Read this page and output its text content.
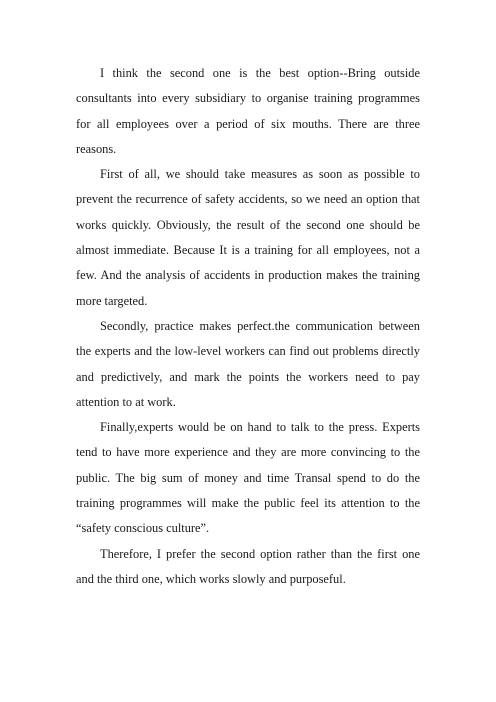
I think the second one is the best option--Bring outside consultants into every subsidiary to organise training programmes for all employees over a period of six mouths. There are three reasons.

First of all, we should take measures as soon as possible to prevent the recurrence of safety accidents, so we need an option that works quickly. Obviously, the result of the second one should be almost immediate. Because It is a training for all employees, not a few. And the analysis of accidents in production makes the training more targeted.

Secondly, practice makes perfect.the communication between the experts and the low-level workers can find out problems directly and predictively, and mark the points the workers need to pay attention to at work.

Finally,experts would be on hand to talk to the press. Experts tend to have more experience and they are more convincing to the public. The big sum of money and time Transal spend to do the training programmes will make the public feel its attention to the “safety conscious culture”.

Therefore, I prefer the second option rather than the first one and the third one, which works slowly and purposeful.
